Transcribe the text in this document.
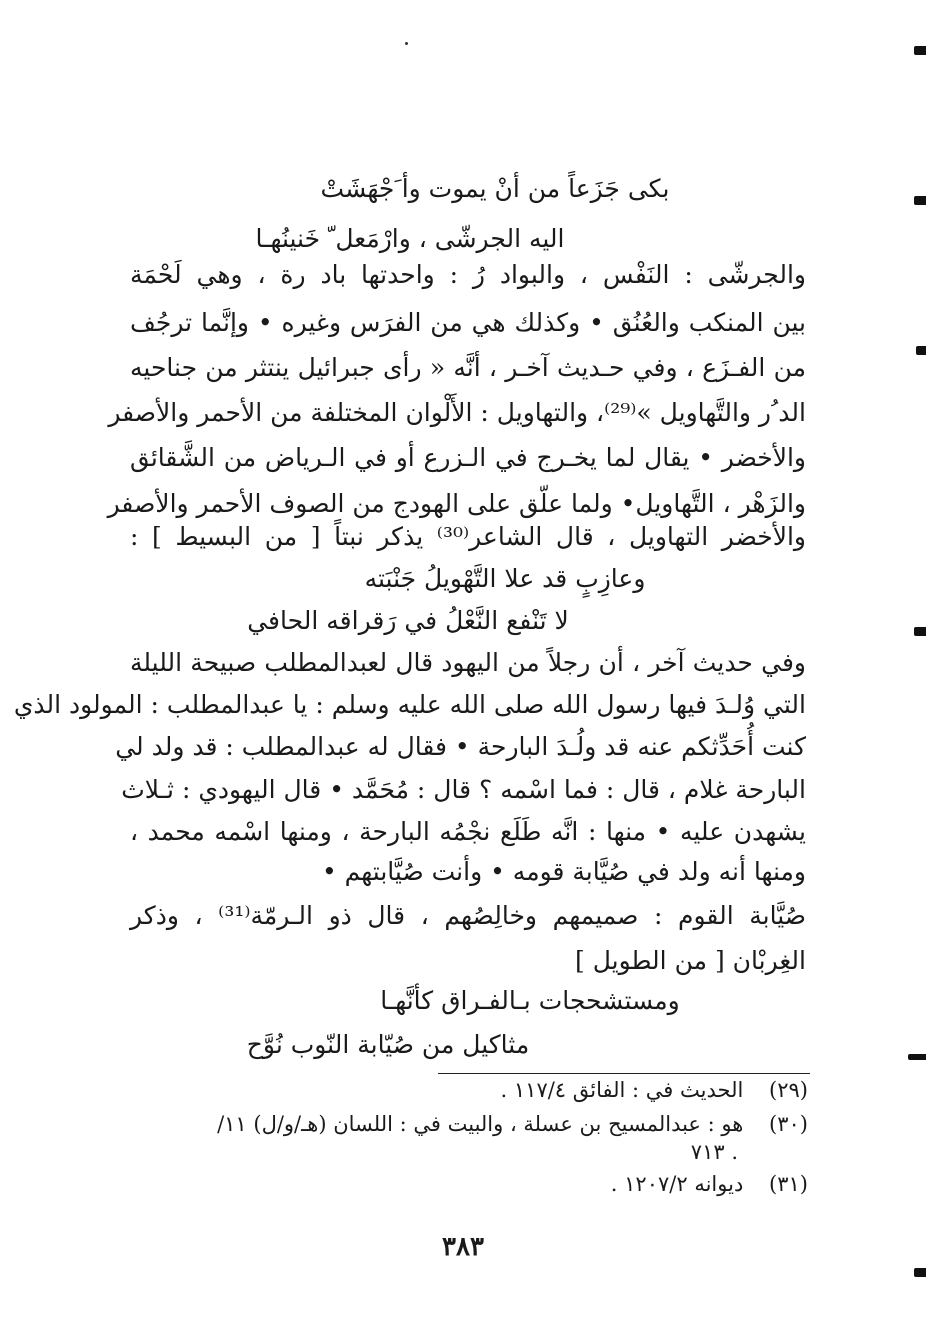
بكى جَزَعاً من أنْ يموت وأ َجْهَشَتْ
اليه الجرشّى ، وارْمَعل ّ خَنينُهـا
والجرشّى : النَفْس ، والبواد رُ : واحدتها باد رة ، وهي لَحْمَة
بين المنكب والعُنُق • وكذلك هي من الفرَس وغيره • وإنَّما ترجُف
من الفـزَع ، وفي حـديث آخـر ، أنَّه « رأى جبرائيل ينتثر من جناحيه
الد ُر والتَّهاويل »⁽²⁹⁾، والتهاويل : الأَلْوان المختلفة من الأحمر والأصفر
والأخضر • يقال لما يخـرج في الـزرع أو في الـرياض من الشَّقائق
والزَهْر ، التَّهاويل• ولما علّق على الهودج من الصوف الأحمر والأصفر
والأخضر التهاويل ، قال الشاعر⁽³⁰⁾ يذكر نبتاً [ من البسيط ] :
وعازِبٍ قد علا التَّهْويلُ جَنْبَته
لا تَنْفع النَّعْلُ في رَقراقه الحافي
وفي حديث آخر ، أن رجلاً من اليهود قال لعبدالمطلب صبيحة الليلة
التي وُلـدَ فيها رسول الله صلى الله عليه وسلم : يا عبدالمطلب : المولود الذي
كنت أُحَدِّثكم عنه قد ولُـدَ البارحة • فقال له عبدالمطلب : قد ولد لي
البارحة غلام ، قال : فما اسْمه ؟ قال : مُحَمَّد • قال اليهودي : ثـلاث
يشهدن عليه • منها : انَّه طَلَع نجْمُه البارحة ، ومنها اسْمه محمد ،
ومنها أنه ولد في صُيَّابة قومه • وأنت صُيَّابتهم •
صُيَّابة القوم : صميمهم وخالِصُهم ، قال ذو الـرمّة⁽³¹⁾ ، وذكر
الغِربْان [ من الطويل ]
ومستشحجات بـالفـراق كأنَّهـا
مثاكيل من صُيّابة النّوب نُوَّح
(٢٩) الحديث في : الفائق ١١٧/٤ .
(٣٠) هو : عبدالمسيح بن عسلة ، والبيت في : اللسان (هـ/و/ل) ١١/
. ٧١٣
(٣١) ديوانه ١٢٠٧/٢ .
٣٨٣
